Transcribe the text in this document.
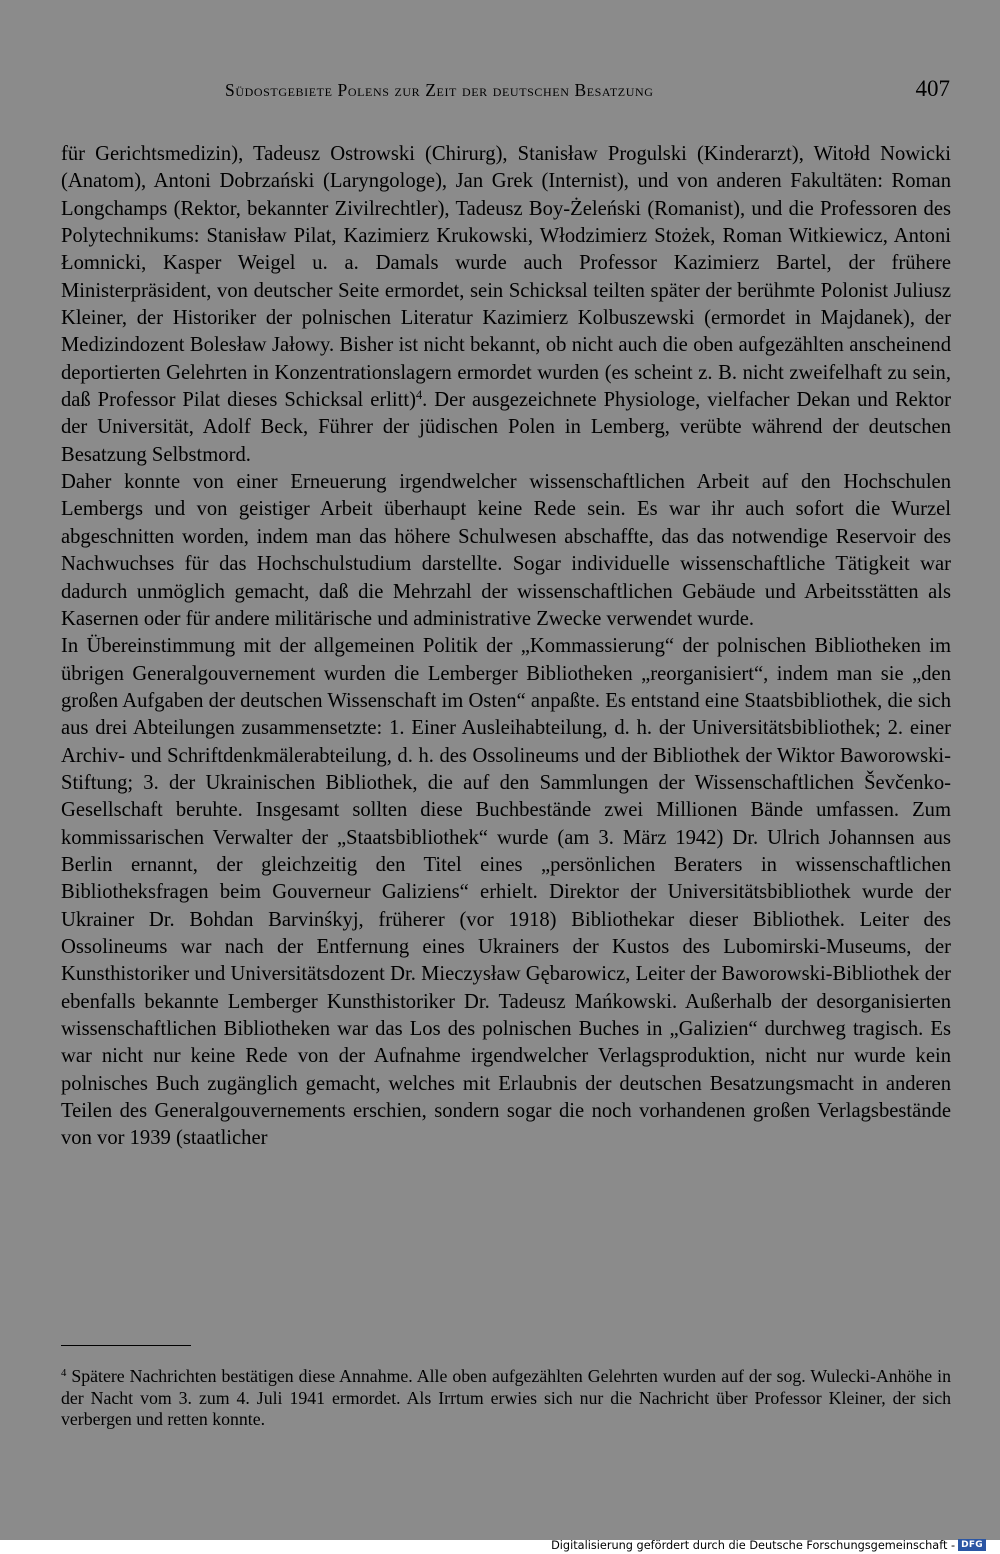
Südostgebiete Polens zur Zeit der deutschen Besatzung	407

für Gerichtsmedizin), Tadeusz Ostrowski (Chirurg), Stanisław Progulski (Kinderarzt), Witołd Nowicki (Anatom), Antoni Dobrzański (Laryngologe), Jan Grek (Internist), und von anderen Fakultäten: Roman Longchamps (Rektor, bekannter Zivilrechtler), Tadeusz Boy-Żeleński (Romanist), und die Professoren des Polytechnikums: Stanisław Pilat, Kazimierz Krukowski, Włodzimierz Stożek, Roman Witkiewicz, Antoni Łomnicki, Kasper Weigel u. a. Damals wurde auch Professor Kazimierz Bartel, der frühere Ministerpräsident, von deutscher Seite ermordet, sein Schicksal teilten später der berühmte Polonist Juliusz Kleiner, der Historiker der polnischen Literatur Kazimierz Kolbuszewski (ermordet in Majdanek), der Medizindozent Bolesław Jałowy. Bisher ist nicht bekannt, ob nicht auch die oben aufgezählten anscheinend deportierten Gelehrten in Konzentrationslagern ermordet wurden (es scheint z. B. nicht zweifelhaft zu sein, daß Professor Pilat dieses Schicksal erlitt)$^4$. Der ausgezeichnete Physiologe, vielfacher Dekan und Rektor der Universität, Adolf Beck, Führer der jüdischen Polen in Lemberg, verübte während der deutschen Besatzung Selbstmord.

Daher konnte von einer Erneuerung irgendwelcher wissenschaftlichen Arbeit auf den Hochschulen Lembergs und von geistiger Arbeit überhaupt keine Rede sein. Es war ihr auch sofort die Wurzel abgeschnitten worden, indem man das höhere Schulwesen abschaffte, das das notwendige Reservoir des Nachwuchses für das Hochschulstudium darstellte. Sogar individuelle wissenschaftliche Tätigkeit war dadurch unmöglich gemacht, daß die Mehrzahl der wissenschaftlichen Gebäude und Arbeitsstätten als Kasernen oder für andere militärische und administrative Zwecke verwendet wurde.

In Übereinstimmung mit der allgemeinen Politik der „Kommassierung“ der polnischen Bibliotheken im übrigen Generalgouvernement wurden die Lemberger Bibliotheken „reorganisiert“, indem man sie „den großen Aufgaben der deutschen Wissenschaft im Osten“ anpaßte. Es entstand eine Staatsbibliothek, die sich aus drei Abteilungen zusammensetzte: 1. Einer Ausleihabteilung, d. h. der Universitätsbibliothek; 2. einer Archiv- und Schriftdenkmälerabteilung, d. h. des Ossolineums und der Bibliothek der Wiktor Baworowski-Stiftung; 3. der Ukrainischen Bibliothek, die auf den Sammlungen der Wissenschaftlichen Ševčenko-Gesellschaft beruhte. Insgesamt sollten diese Buchbestände zwei Millionen Bände umfassen. Zum kommissarischen Verwalter der „Staatsbibliothek“ wurde (am 3. März 1942) Dr. Ulrich Johannsen aus Berlin ernannt, der gleichzeitig den Titel eines „persönlichen Beraters in wissenschaftlichen Bibliotheksfragen beim Gouverneur Galiziens“ erhielt. Direktor der Universitätsbibliothek wurde der Ukrainer Dr. Bohdan Barvinśkyj, früherer (vor 1918) Bibliothekar dieser Bibliothek. Leiter des Ossolineums war nach der Entfernung eines Ukrainers der Kustos des Lubomirski-Museums, der Kunsthistoriker und Universitätsdozent Dr. Mieczysław Gębarowicz, Leiter der Baworowski-Bibliothek der ebenfalls bekannte Lemberger Kunsthistoriker Dr. Tadeusz Mańkowski. Außerhalb der desorganisierten wissenschaftlichen Bibliotheken war das Los des polnischen Buches in „Galizien“ durchweg tragisch. Es war nicht nur keine Rede von der Aufnahme irgendwelcher Verlagsproduktion, nicht nur wurde kein polnisches Buch zugänglich gemacht, welches mit Erlaubnis der deutschen Besatzungsmacht in anderen Teilen des Generalgouvernements erschien, sondern sogar die noch vorhandenen großen Verlagsbestände von vor 1939 (staatlicher

$^4$ Spätere Nachrichten bestätigen diese Annahme. Alle oben aufgezählten Gelehrten wurden auf der sog. Wulecki-Anhöhe in der Nacht vom 3. zum 4. Juli 1941 ermordet. Als Irrtum erwies sich nur die Nachricht über Professor Kleiner, der sich verbergen und retten konnte.

Digitalisierung gefördert durch die Deutsche Forschungsgemeinschaft - DFG
